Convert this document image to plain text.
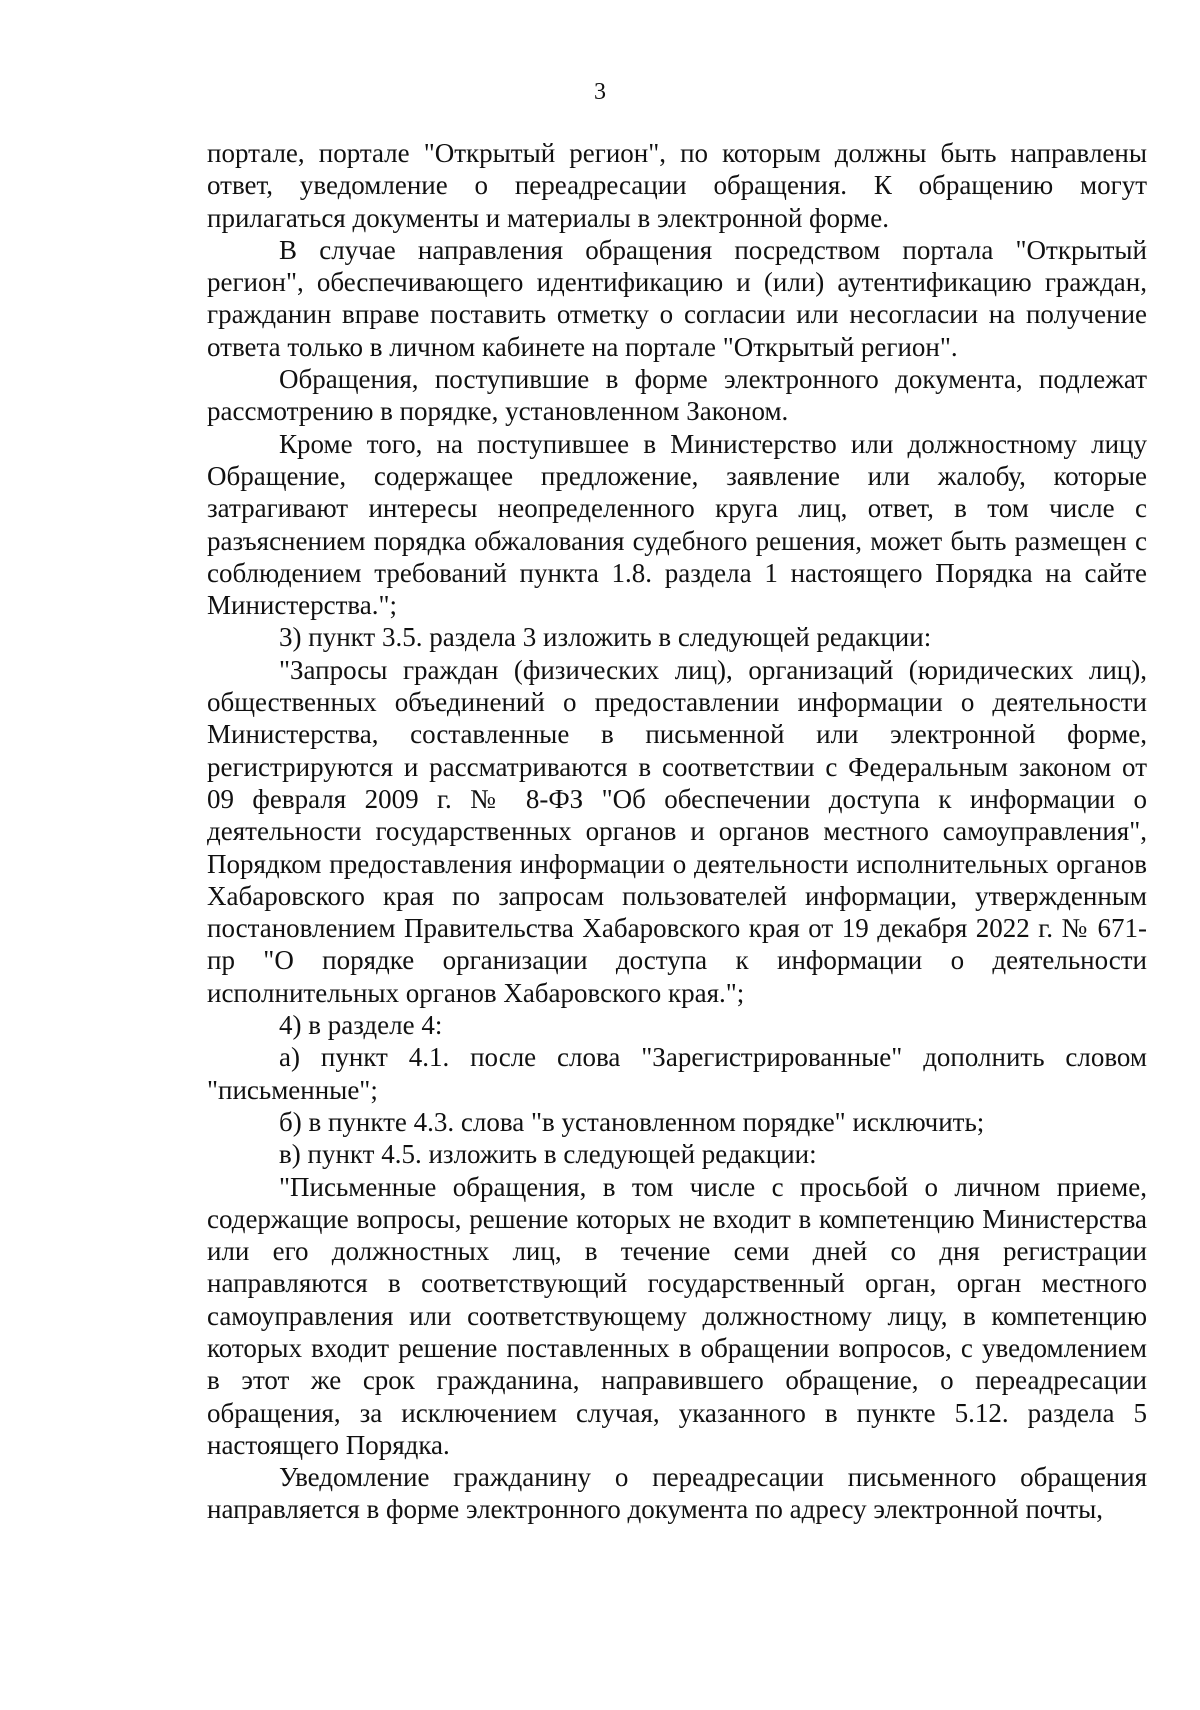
3

портале, портале "Открытый регион", по которым должны быть направлены ответ, уведомление о переадресации обращения. К обращению могут прилагаться документы и материалы в электронной форме.

В случае направления обращения посредством портала "Открытый регион", обеспечивающего идентификацию и (или) аутентификацию граждан, гражданин вправе поставить отметку о согласии или несогласии на получение ответа только в личном кабинете на портале "Открытый регион".

Обращения, поступившие в форме электронного документа, подлежат рассмотрению в порядке, установленном Законом.

Кроме того, на поступившее в Министерство или должностному лицу Обращение, содержащее предложение, заявление или жалобу, которые затрагивают интересы неопределенного круга лиц, ответ, в том числе с разъяснением порядка обжалования судебного решения, может быть размещен с соблюдением требований пункта 1.8. раздела 1 настоящего Порядка на сайте Министерства.";

3) пункт 3.5. раздела 3 изложить в следующей редакции:

"Запросы граждан (физических лиц), организаций (юридических лиц), общественных объединений о предоставлении информации о деятельности Министерства, составленные в письменной или электронной форме, регистрируются и рассматриваются в соответствии с Федеральным законом от 09 февраля 2009 г. № 8-ФЗ "Об обеспечении доступа к информации о деятельности государственных органов и органов местного самоуправления", Порядком предоставления информации о деятельности исполнительных органов Хабаровского края по запросам пользователей информации, утвержденным постановлением Правительства Хабаровского края от 19 декабря 2022 г. № 671-пр "О порядке организации доступа к информации о деятельности исполнительных органов Хабаровского края.";

4) в разделе 4:

а) пункт 4.1. после слова "Зарегистрированные" дополнить словом "письменные";

б) в пункте 4.3. слова "в установленном порядке" исключить;

в) пункт 4.5. изложить в следующей редакции:

"Письменные обращения, в том числе с просьбой о личном приеме, содержащие вопросы, решение которых не входит в компетенцию Министерства или его должностных лиц, в течение семи дней со дня регистрации направляются в соответствующий государственный орган, орган местного самоуправления или соответствующему должностному лицу, в компетенцию которых входит решение поставленных в обращении вопросов, с уведомлением в этот же срок гражданина, направившего обращение, о переадресации обращения, за исключением случая, указанного в пункте 5.12. раздела 5 настоящего Порядка.

Уведомление гражданину о переадресации письменного обращения направляется в форме электронного документа по адресу электронной почты,
